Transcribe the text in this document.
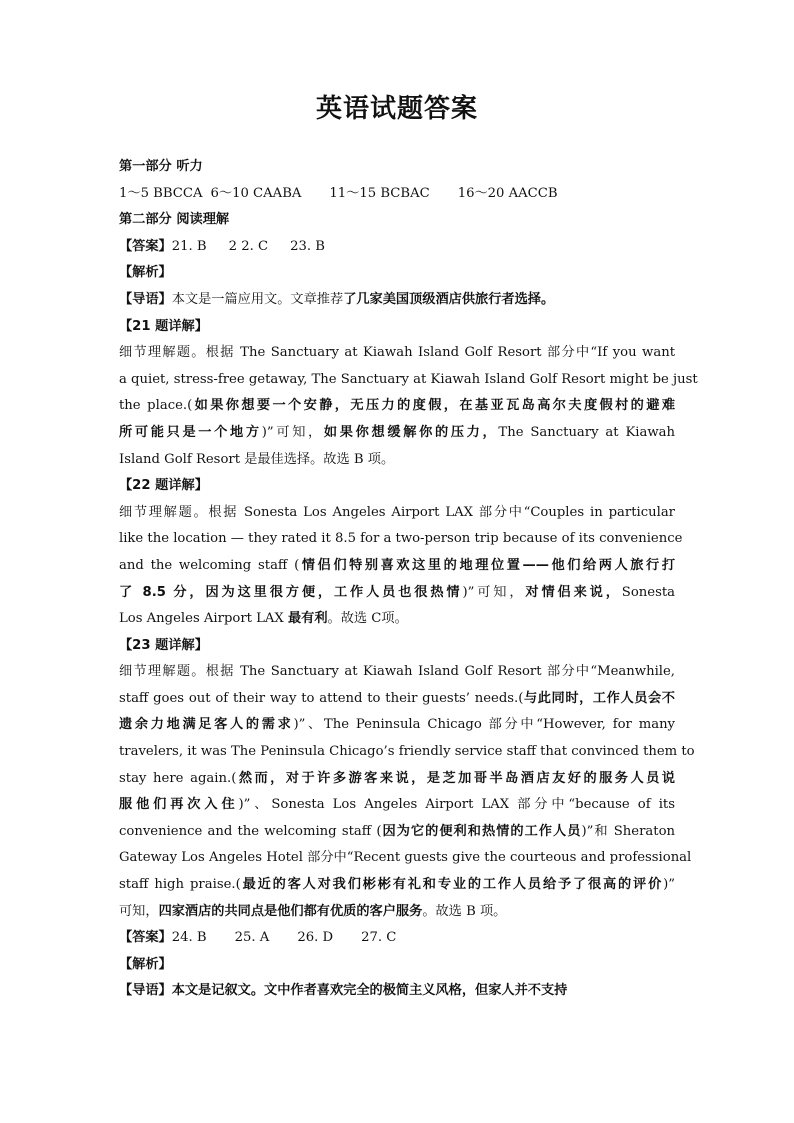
英语试题答案
第一部分 听力
1～5 BBCCA 6～10 CAABA 11～15 BCBAC 16～20 AACCB
第二部分 阅读理解
【答案】21. B 2 2. C 23. B
【解析】
【导语】本文是一篇应用文。文章推荐了几家美国顶级酒店供旅行者选择。
【21 题详解】
细节理解题。根据 The Sanctuary at Kiawah Island Golf Resort 部分中“If you want
a quiet, stress-free getaway, The Sanctuary at Kiawah Island Golf Resort might be just
the place.(如果你想要一个安静，无压力的度假，在基亚瓦岛高尔夫度假村的避难
所可能只是一个地方)”可知，如果你想缓解你的压力，The Sanctuary at Kiawah
Island Golf Resort 是最佳选择。故选 B 项。
【22 题详解】
细节理解题。根据 Sonesta Los Angeles Airport LAX 部分中“Couples in particular
like the location — they rated it 8.5 for a two-person trip because of its convenience
and the welcoming staff (情侣们特别喜欢这里的地理位置——他们给两人旅行打
了 8.5 分，因为这里很方便，工作人员也很热情)”可知，对情侣来说，Sonesta
Los Angeles Airport LAX 最有利。故选 C项。
【23 题详解】
细节理解题。根据 The Sanctuary at Kiawah Island Golf Resort 部分中“Meanwhile,
staff goes out of their way to attend to their guests’ needs.(与此同时，工作人员会不
遗余力地满足客人的需求)”、The Peninsula Chicago 部分中“However, for many
travelers, it was The Peninsula Chicago’s friendly service staff that convinced them to
stay here again.(然而，对于许多游客来说，是芝加哥半岛酒店友好的服务人员说
服他们再次入住)”、Sonesta Los Angeles Airport LAX 部分中“because of its
convenience and the welcoming staff (因为它的便利和热情的工作人员)”和 Sheraton
Gateway Los Angeles Hotel 部分中“Recent guests give the courteous and professional
staff high praise.(最近的客人对我们彬彬有礼和专业的工作人员给予了很高的评价)”
可知，四家酒店的共同点是他们都有优质的客户服务。故选 B 项。
【答案】24. B 25. A 26. D 27. C
【解析】
【导语】本文是记叙文。文中作者喜欢完全的极简主义风格，但家人并不支持
